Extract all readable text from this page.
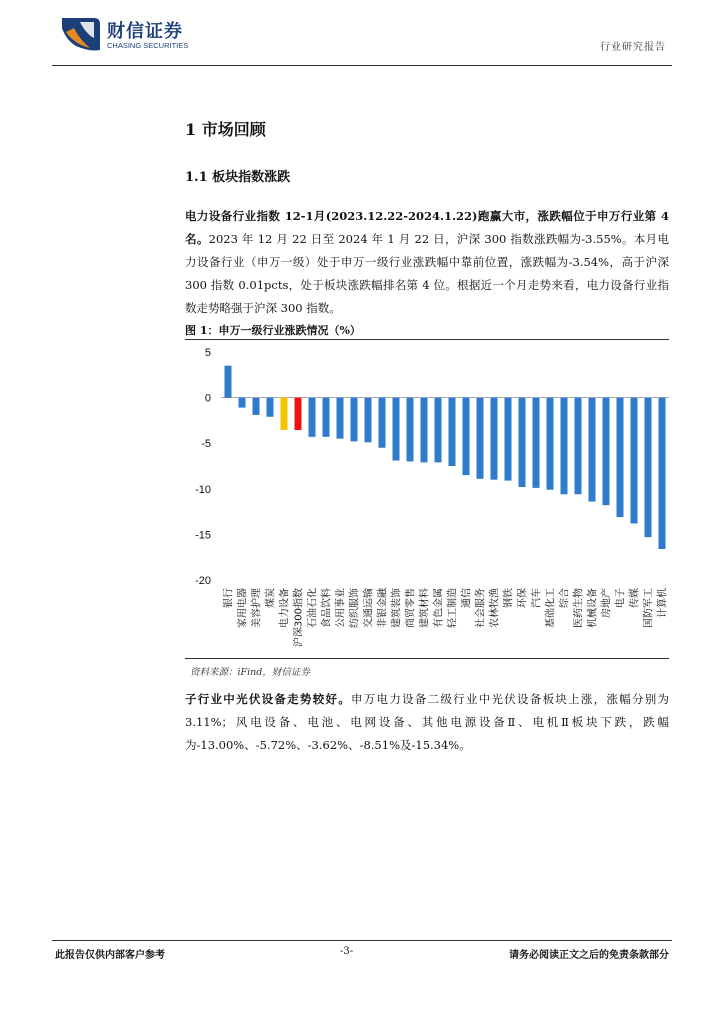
财信证券
CHASING SECURITIES	行业研究报告
1 市场回顾
1.1 板块指数涨跌
电力设备行业指数 12-1月(2023.12.22-2024.1.22)跑赢大市，涨跌幅位于申万行业第 4 名。2023 年 12 月 22 日至 2024 年 1 月 22 日，沪深 300 指数涨跌幅为-3.55%。本月电力设备行业（申万一级）处于申万一级行业涨跌幅中靠前位置，涨跌幅为-3.54%，高于沪深 300 指数 0.01pcts，处于板块涨跌幅排名第 4 位。根据近一个月走势来看，电力设备行业指数走势略强于沪深 300 指数。
图 1：申万一级行业涨跌情况（%）
5
0
-5
-10
-15
-20
银行 家用电器 美容护理 煤炭 电力设备 沪深300指数 石油石化 食品饮料 公用事业 纺织服饰 交通运输 非银金融 建筑装饰 商贸零售 建筑材料 有色金属 轻工制造 通信 社会服务 农林牧渔 钢铁 环保 汽车 基础化工 综合 医药生物 机械设备 房地产 电子 传媒 国防军工 计算机
资料来源：iFind，财信证券
子行业中光伏设备走势较好。申万电力设备二级行业中光伏设备板块上涨，涨幅分别为 3.11%；风电设备、电池、电网设备、其他电源设备Ⅱ、电机Ⅱ板块下跌，跌幅为-13.00%、-5.72%、-3.62%、-8.51%及-15.34%。
此报告仅供内部客户参考	-3-	请务必阅读正文之后的免责条款部分
